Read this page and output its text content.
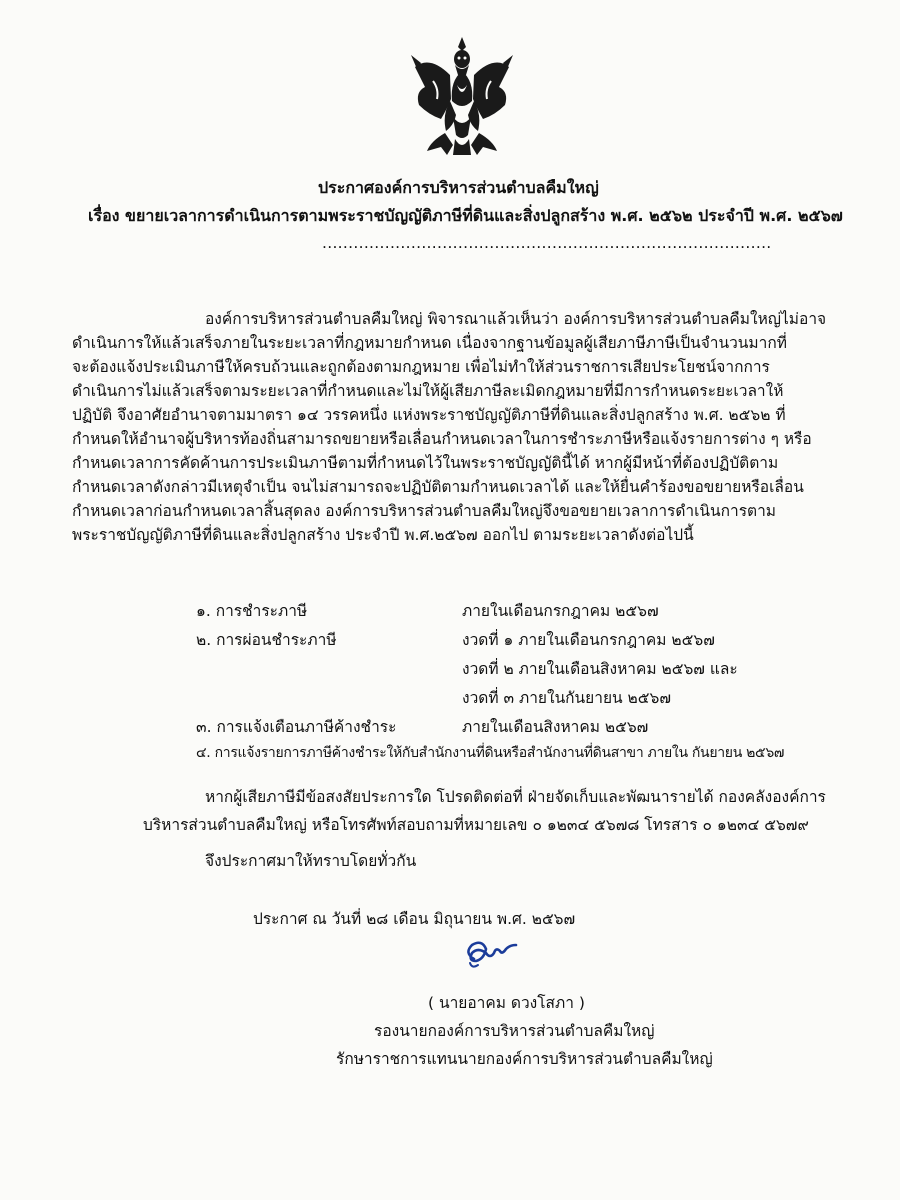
ประกาศองค์การบริหารส่วนตำบลคืมใหญ่
เรื่อง ขยายเวลาการดำเนินการตามพระราชบัญญัติภาษีที่ดินและสิ่งปลูกสร้าง พ.ศ. ๒๕๖๒ ประจำปี พ.ศ. ๒๕๖๗
......................................................................................
องค์การบริหารส่วนตำบลคืมใหญ่ พิจารณาแล้วเห็นว่า องค์การบริหารส่วนตำบลคืมใหญ่ไม่อาจ
ดำเนินการให้แล้วเสร็จภายในระยะเวลาที่กฎหมายกำหนด เนื่องจากฐานข้อมูลผู้เสียภาษีภาษีเป็นจำนวนมากที่
จะต้องแจ้งประเมินภาษีให้ครบถ้วนและถูกต้องตามกฎหมาย เพื่อไม่ทำให้ส่วนราชการเสียประโยชน์จากการ
ดำเนินการไม่แล้วเสร็จตามระยะเวลาที่กำหนดและไม่ให้ผู้เสียภาษีละเมิดกฎหมายที่มีการกำหนดระยะเวลาให้
ปฏิบัติ จึงอาศัยอำนาจตามมาตรา ๑๔ วรรคหนึ่ง แห่งพระราชบัญญัติภาษีที่ดินและสิ่งปลูกสร้าง พ.ศ. ๒๕๖๒ ที่
กำหนดให้อำนาจผู้บริหารท้องถิ่นสามารถขยายหรือเลื่อนกำหนดเวลาในการชำระภาษีหรือแจ้งรายการต่าง ๆ หรือ
กำหนดเวลาการคัดค้านการประเมินภาษีตามที่กำหนดไว้ในพระราชบัญญัตินี้ได้ หากผู้มีหน้าที่ต้องปฏิบัติตาม
กำหนดเวลาดังกล่าวมีเหตุจำเป็น จนไม่สามารถจะปฏิบัติตามกำหนดเวลาได้ และให้ยื่นคำร้องขอขยายหรือเลื่อน
กำหนดเวลาก่อนกำหนดเวลาสิ้นสุดลง องค์การบริหารส่วนตำบลคืมใหญ่จึงขอขยายเวลาการดำเนินการตาม
พระราชบัญญัติภาษีที่ดินและสิ่งปลูกสร้าง ประจำปี พ.ศ.๒๕๖๗ ออกไป ตามระยะเวลาดังต่อไปนี้
๑. การชำระภาษี	ภายในเดือนกรกฎาคม ๒๕๖๗
๒. การผ่อนชำระภาษี	งวดที่ ๑ ภายในเดือนกรกฎาคม ๒๕๖๗
งวดที่ ๒ ภายในเดือนสิงหาคม ๒๕๖๗ และ
งวดที่ ๓ ภายในกันยายน ๒๕๖๗
๓. การแจ้งเตือนภาษีค้างชำระ	ภายในเดือนสิงหาคม ๒๕๖๗
๔. การแจ้งรายการภาษีค้างชำระให้กับสำนักงานที่ดินหรือสำนักงานที่ดินสาขา ภายใน กันยายน ๒๕๖๗
หากผู้เสียภาษีมีข้อสงสัยประการใด โปรดติดต่อที่ ฝ่ายจัดเก็บและพัฒนารายได้ กองคลังองค์การ
บริหารส่วนตำบลคืมใหญ่ หรือโทรศัพท์สอบถามที่หมายเลข ๐ ๑๒๓๔ ๕๖๗๘ โทรสาร ๐ ๑๒๓๔ ๕๖๗๙
จึงประกาศมาให้ทราบโดยทั่วกัน
ประกาศ ณ วันที่ ๒๘ เดือน มิถุนายน พ.ศ. ๒๕๖๗
( นายอาคม ดวงโสภา )
รองนายกองค์การบริหารส่วนตำบลคืมใหญ่
รักษาราชการแทนนายกองค์การบริหารส่วนตำบลคืมใหญ่
